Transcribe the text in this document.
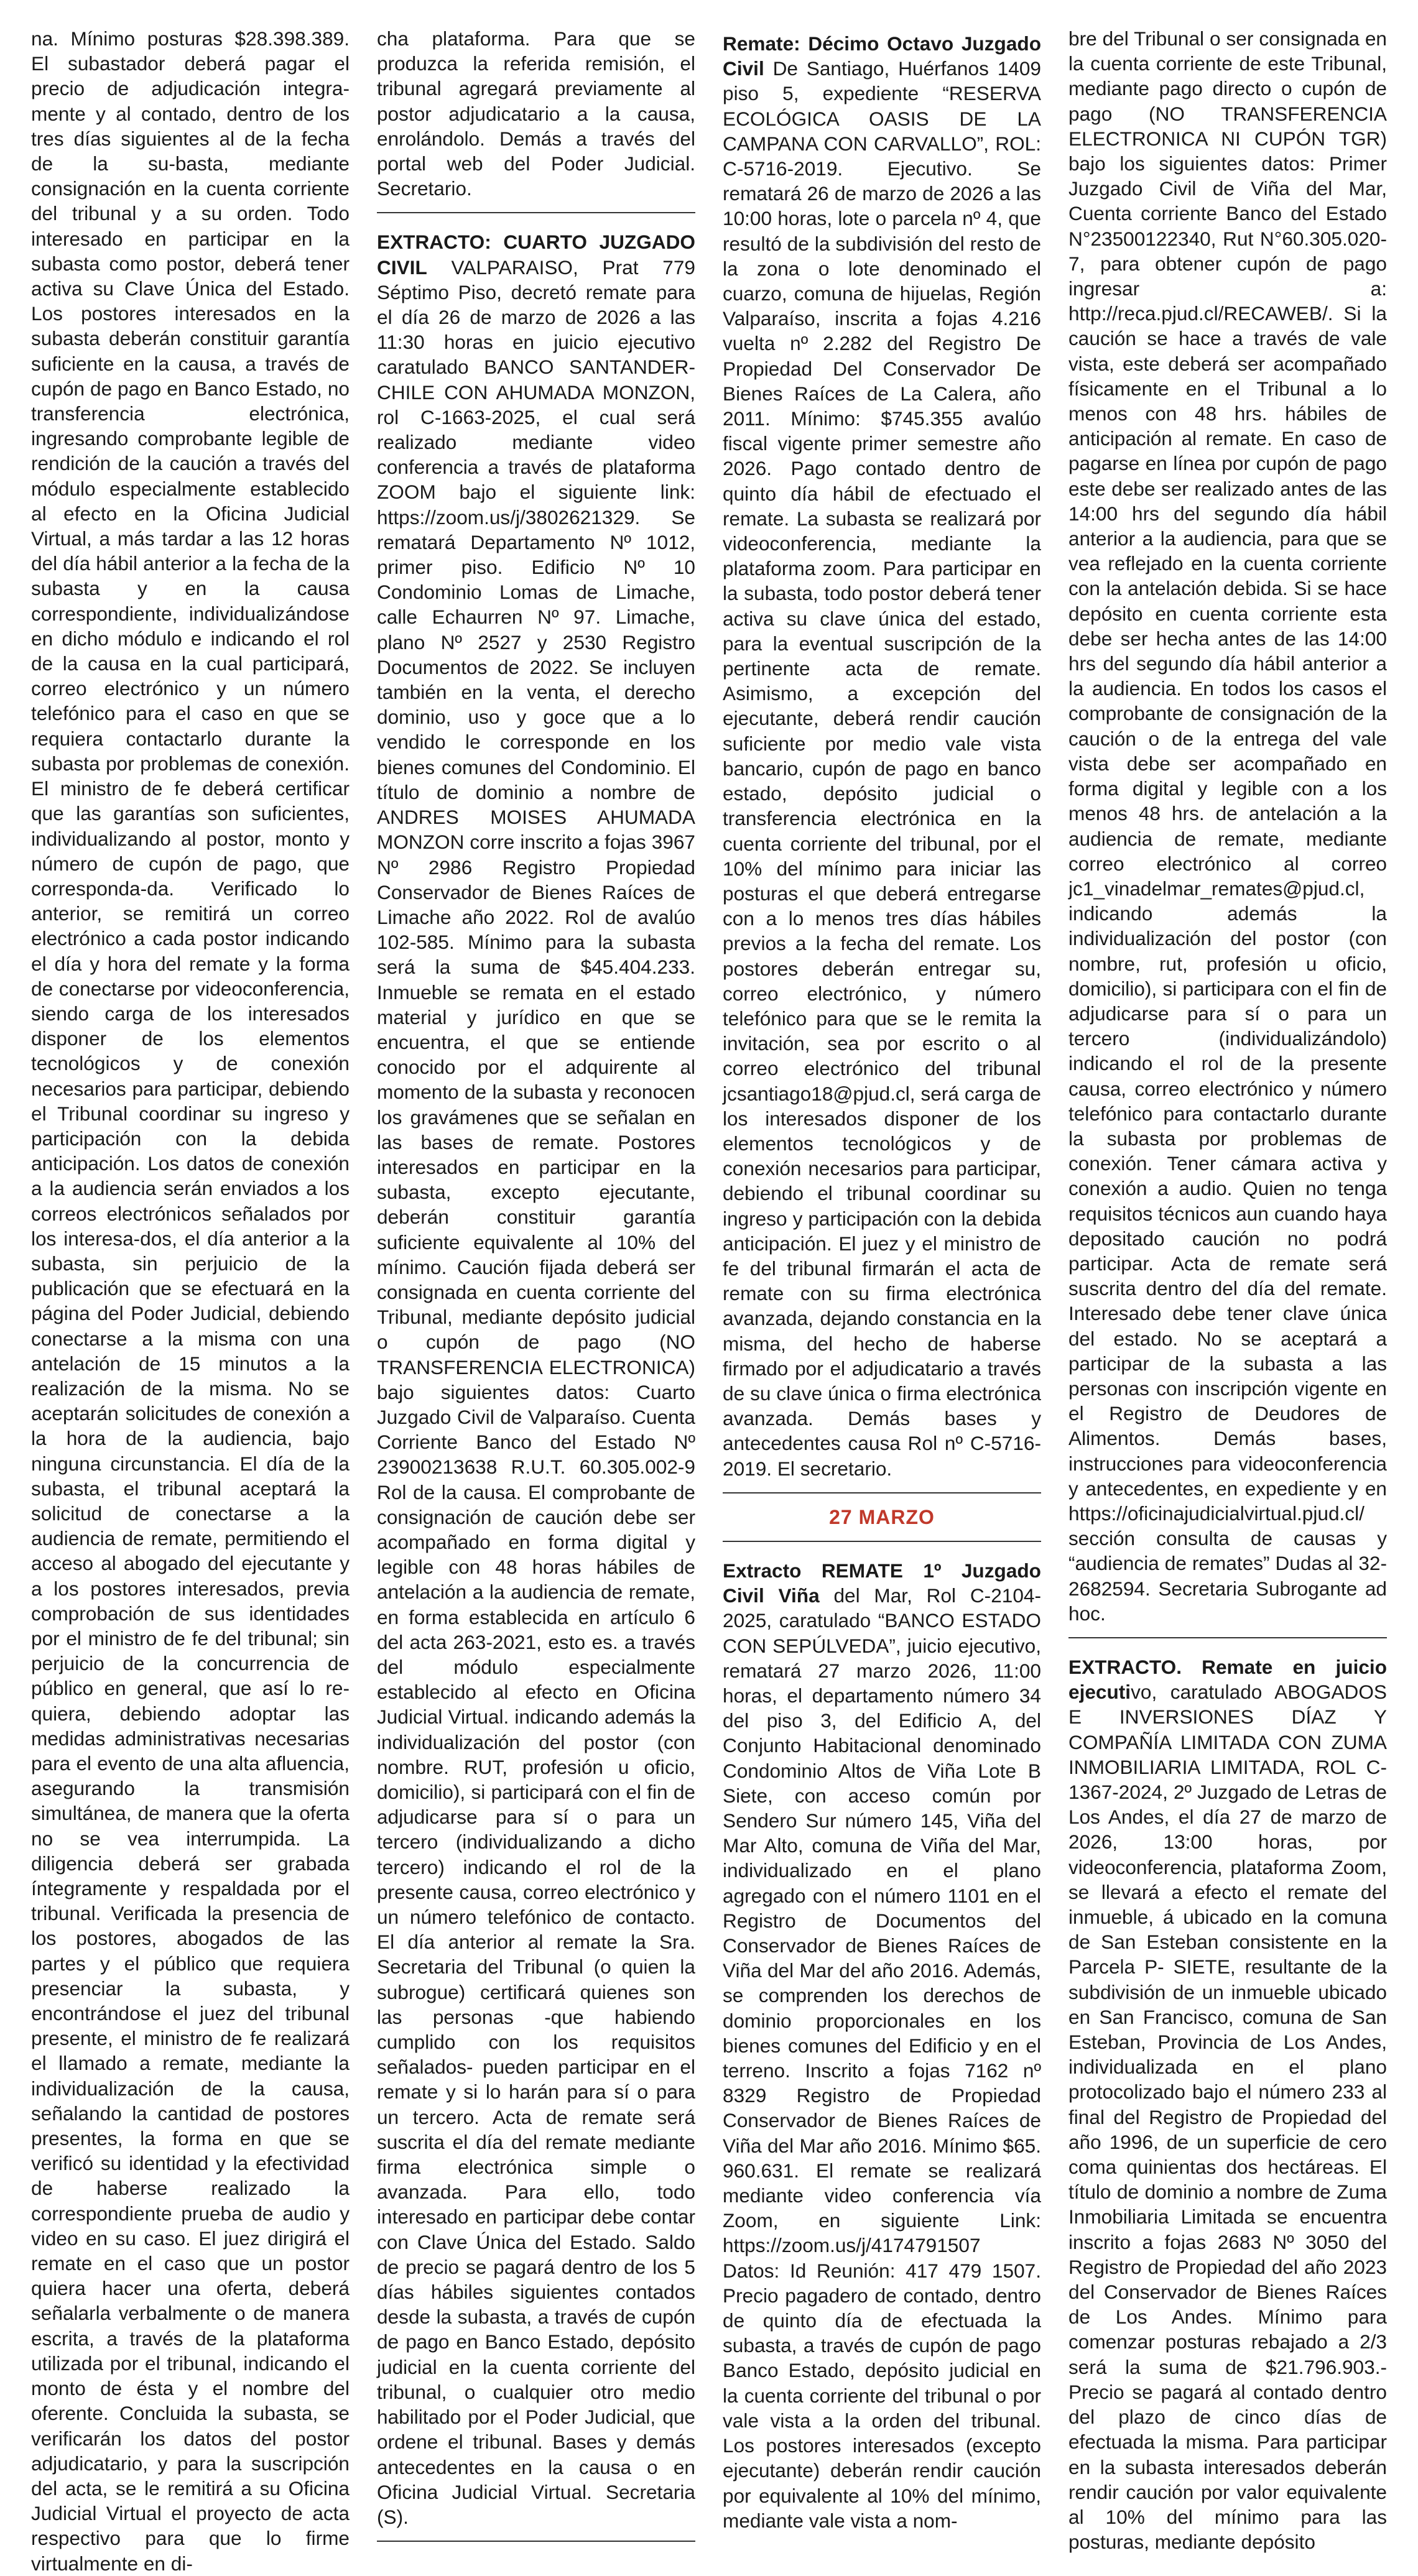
na. Mínimo posturas $28.398.389. El subastador deberá pagar el precio de adjudicación integra-mente y al contado, dentro de los tres días siguientes al de la fecha de la su-basta, mediante consignación en la cuenta corriente del tribunal y a su orden. Todo interesado en participar en la subasta como postor, deberá tener activa su Clave Única del Estado. Los postores interesados en la subasta deberán constituir garantía suficiente en la causa, a través de cupón de pago en Banco Estado, no transferencia electrónica, ingresando comprobante legible de rendición de la caución a través del módulo especialmente establecido al efecto en la Oficina Judicial Virtual, a más tardar a las 12 horas del día hábil anterior a la fecha de la subasta y en la causa correspondiente, individualizándose en dicho módulo e indicando el rol de la causa en la cual participará, correo electrónico y un número telefónico para el caso en que se requiera contactarlo durante la subasta por problemas de conexión. El ministro de fe deberá certificar que las garantías son suficientes, individualizando al postor, monto y número de cupón de pago, que corresponda-da. Verificado lo anterior, se remitirá un correo electrónico a cada postor indicando el día y hora del remate y la forma de conectarse por videoconferencia, siendo carga de los interesados disponer de los elementos tecnológicos y de conexión necesarios para participar, debiendo el Tribunal coordinar su ingreso y participación con la debida anticipación. Los datos de conexión a la audiencia serán enviados a los correos electrónicos señalados por los interesa-dos, el día anterior a la subasta, sin perjuicio de la publicación que se efectuará en la página del Poder Judicial, debiendo conectarse a la misma con una antelación de 15 minutos a la realización de la misma. No se aceptarán solicitudes de conexión a la hora de la audiencia, bajo ninguna circunstancia. El día de la subasta, el tribunal aceptará la solicitud de conectarse a la audiencia de remate, permitiendo el acceso al abogado del ejecutante y a los postores interesados, previa comprobación de sus identidades por el ministro de fe del tribunal; sin perjuicio de la concurrencia de público en general, que así lo re-quiera, debiendo adoptar las medidas administrativas necesarias para el evento de una alta afluencia, asegurando la transmisión simultánea, de manera que la oferta no se vea interrumpida. La diligencia deberá ser grabada íntegramente y respaldada por el tribunal. Verificada la presencia de los postores, abogados de las partes y el público que requiera presenciar la subasta, y encontrándose el juez del tribunal presente, el ministro de fe realizará el llamado a remate, mediante la individualización de la causa, señalando la cantidad de postores presentes, la forma en que se verificó su identidad y la efectividad de haberse realizado la correspondiente prueba de audio y video en su caso. El juez dirigirá el remate en el caso que un postor quiera hacer una oferta, deberá señalarla verbalmente o de manera escrita, a través de la plataforma utilizada por el tribunal, indicando el monto de ésta y el nombre del oferente. Concluida la subasta, se verificarán los datos del postor adjudicatario, y para la suscripción del acta, se le remitirá a su Oficina Judicial Virtual el proyecto de acta respectivo para que lo firme virtualmente en di-

cha plataforma. Para que se produzca la referida remisión, el tribunal agregará previamente al postor adjudicatario a la causa, enrolándolo. Demás a través del portal web del Poder Judicial. Secretario.

EXTRACTO: CUARTO JUZGADO CIVIL VALPARAISO, Prat 779 Séptimo Piso, decretó remate para el día 26 de marzo de 2026 a las 11:30 horas en juicio ejecutivo caratulado BANCO SANTANDER-CHILE CON AHUMADA MONZON, rol C-1663-2025, el cual será realizado mediante video conferencia a través de plataforma ZOOM bajo el siguiente link: https://zoom.us/j/3802621329. Se rematará Departamento Nº 1012, primer piso. Edificio Nº 10 Condominio Lomas de Limache, calle Echaurren Nº 97. Limache, plano Nº 2527 y 2530 Registro Documentos de 2022. Se incluyen también en la venta, el derecho dominio, uso y goce que a lo vendido le corresponde en los bienes comunes del Condominio. El título de dominio a nombre de ANDRES MOISES AHUMADA MONZON corre inscrito a fojas 3967 Nº 2986 Registro Propiedad Conservador de Bienes Raíces de Limache año 2022. Rol de avalúo 102-585. Mínimo para la subasta será la suma de $45.404.233. Inmueble se remata en el estado material y jurídico en que se encuentra, el que se entiende conocido por el adquirente al momento de la subasta y reconocen los gravámenes que se señalan en las bases de remate. Postores interesados en participar en la subasta, excepto ejecutante, deberán constituir garantía suficiente equivalente al 10% del mínimo. Caución fijada deberá ser consignada en cuenta corriente del Tribunal, mediante depósito judicial o cupón de pago (NO TRANSFERENCIA ELECTRONICA) bajo siguientes datos: Cuarto Juzgado Civil de Valparaíso. Cuenta Corriente Banco del Estado Nº 23900213638 R.U.T. 60.305.002-9 Rol de la causa. El comprobante de consignación de caución debe ser acompañado en forma digital y legible con 48 horas hábiles de antelación a la audiencia de remate, en forma establecida en artículo 6 del acta 263-2021, esto es. a través del módulo especialmente establecido al efecto en Oficina Judicial Virtual. indicando además la individualización del postor (con nombre. RUT, profesión u oficio, domicilio), si participará con el fin de adjudicarse para sí o para un tercero (individualizando a dicho tercero) indicando el rol de la presente causa, correo electrónico y un número telefónico de contacto. El día anterior al remate la Sra. Secretaria del Tribunal (o quien la subrogue) certificará quienes son las personas -que habiendo cumplido con los requisitos señalados- pueden participar en el remate y si lo harán para sí o para un tercero. Acta de remate será suscrita el día del remate mediante firma electrónica simple o avanzada. Para ello, todo interesado en participar debe contar con Clave Única del Estado. Saldo de precio se pagará dentro de los 5 días hábiles siguientes contados desde la subasta, a través de cupón de pago en Banco Estado, depósito judicial en la cuenta corriente del tribunal, o cualquier otro medio habilitado por el Poder Judicial, que ordene el tribunal. Bases y demás antecedentes en la causa o en Oficina Judicial Virtual. Secretaria (S).

Remate: Décimo Octavo Juzgado Civil De Santiago, Huérfanos 1409 piso 5, expediente “RESERVA ECOLÓGICA OASIS DE LA CAMPANA CON CARVALLO”, ROL: C-5716-2019. Ejecutivo. Se rematará 26 de marzo de 2026 a las 10:00 horas, lote o parcela nº 4, que resultó de la subdivisión del resto de la zona o lote denominado el cuarzo, comuna de hijuelas, Región Valparaíso, inscrita a fojas 4.216 vuelta nº 2.282 del Registro De Propiedad Del Conservador De Bienes Raíces de La Calera, año 2011. Mínimo: $745.355 avalúo fiscal vigente primer semestre año 2026. Pago contado dentro de quinto día hábil de efectuado el remate. La subasta se realizará por videoconferencia, mediante la plataforma zoom. Para participar en la subasta, todo postor deberá tener activa su clave única del estado, para la eventual suscripción de la pertinente acta de remate. Asimismo, a excepción del ejecutante, deberá rendir caución suficiente por medio vale vista bancario, cupón de pago en banco estado, depósito judicial o transferencia electrónica en la cuenta corriente del tribunal, por el 10% del mínimo para iniciar las posturas el que deberá entregarse con a lo menos tres días hábiles previos a la fecha del remate. Los postores deberán entregar su, correo electrónico, y número telefónico para que se le remita la invitación, sea por escrito o al correo electrónico del tribunal jcsantiago18@pjud.cl, será carga de los interesados disponer de los elementos tecnológicos y de conexión necesarios para participar, debiendo el tribunal coordinar su ingreso y participación con la debida anticipación. El juez y el ministro de fe del tribunal firmarán el acta de remate con su firma electrónica avanzada, dejando constancia en la misma, del hecho de haberse firmado por el adjudicatario a través de su clave única o firma electrónica avanzada. Demás bases y antecedentes causa Rol nº C-5716-2019. El secretario.

27 MARZO

Extracto REMATE 1º Juzgado Civil Viña del Mar, Rol C-2104-2025, caratulado “BANCO ESTADO CON SEPÚLVEDA”, juicio ejecutivo, rematará 27 marzo 2026, 11:00 horas, el departamento número 34 del piso 3, del Edificio A, del Conjunto Habitacional denominado Condominio Altos de Viña Lote B Siete, con acceso común por Sendero Sur número 145, Viña del Mar Alto, comuna de Viña del Mar, individualizado en el plano agregado con el número 1101 en el Registro de Documentos del Conservador de Bienes Raíces de Viña del Mar del año 2016. Además, se comprenden los derechos de dominio proporcionales en los bienes comunes del Edificio y en el terreno. Inscrito a fojas 7162 nº 8329 Registro de Propiedad Conservador de Bienes Raíces de Viña del Mar año 2016. Mínimo $65. 960.631. El remate se realizará mediante video conferencia vía Zoom, en siguiente Link: https://zoom.us/j/4174791507 Datos: Id Reunión: 417 479 1507. Precio pagadero de contado, dentro de quinto día de efectuada la subasta, a través de cupón de pago Banco Estado, depósito judicial en la cuenta corriente del tribunal o por vale vista a la orden del tribunal. Los postores interesados (excepto ejecutante) deberán rendir caución por equivalente al 10% del mínimo, mediante vale vista a nom-

bre del Tribunal o ser consignada en la cuenta corriente de este Tribunal, mediante pago directo o cupón de pago (NO TRANSFERENCIA ELECTRONICA NI CUPÓN TGR) bajo los siguientes datos: Primer Juzgado Civil de Viña del Mar, Cuenta corriente Banco del Estado N°23500122340, Rut N°60.305.020-7, para obtener cupón de pago ingresar a: http://reca.pjud.cl/RECAWEB/. Si la caución se hace a través de vale vista, este deberá ser acompañado físicamente en el Tribunal a lo menos con 48 hrs. hábiles de anticipación al remate. En caso de pagarse en línea por cupón de pago este debe ser realizado antes de las 14:00 hrs del segundo día hábil anterior a la audiencia, para que se vea reflejado en la cuenta corriente con la antelación debida. Si se hace depósito en cuenta corriente esta debe ser hecha antes de las 14:00 hrs del segundo día hábil anterior a la audiencia. En todos los casos el comprobante de consignación de la caución o de la entrega del vale vista debe ser acompañado en forma digital y legible con a los menos 48 hrs. de antelación a la audiencia de remate, mediante correo electrónico al correo jc1_vinadelmar_remates@pjud.cl, indicando además la individualización del postor (con nombre, rut, profesión u oficio, domicilio), si participara con el fin de adjudicarse para sí o para un tercero (individualizándolo) indicando el rol de la presente causa, correo electrónico y número telefónico para contactarlo durante la subasta por problemas de conexión. Tener cámara activa y conexión a audio. Quien no tenga requisitos técnicos aun cuando haya depositado caución no podrá participar. Acta de remate será suscrita dentro del día del remate. Interesado debe tener clave única del estado. No se aceptará a participar de la subasta a las personas con inscripción vigente en el Registro de Deudores de Alimentos. Demás bases, instrucciones para videoconferencia y antecedentes, en expediente y en https://oficinajudicialvirtual.pjud.cl/ sección consulta de causas y “audiencia de remates” Dudas al 32-2682594. Secretaria Subrogante ad hoc.

EXTRACTO. Remate en juicio ejecutivo, caratulado ABOGADOS E INVERSIONES DÍAZ Y COMPAÑÍA LIMITADA CON ZUMA INMOBILIARIA LIMITADA, ROL C-1367-2024, 2º Juzgado de Letras de Los Andes, el día 27 de marzo de 2026, 13:00 horas, por videoconferencia, plataforma Zoom, se llevará a efecto el remate del inmueble, á ubicado en la comuna de San Esteban consistente en la Parcela P- SIETE, resultante de la subdivisión de un inmueble ubicado en San Francisco, comuna de San Esteban, Provincia de Los Andes, individualizada en el plano protocolizado bajo el número 233 al final del Registro de Propiedad del año 1996, de un superficie de cero coma quinientas dos hectáreas. El título de dominio a nombre de Zuma Inmobiliaria Limitada se encuentra inscrito a fojas 2683 Nº 3050 del Registro de Propiedad del año 2023 del Conservador de Bienes Raíces de Los Andes. Mínimo para comenzar posturas rebajado a 2/3 será la suma de $21.796.903.- Precio se pagará al contado dentro del plazo de cinco días de efectuada la misma. Para participar en la subasta interesados deberán rendir caución por valor equivalente al 10% del mínimo para las posturas, mediante depósito
